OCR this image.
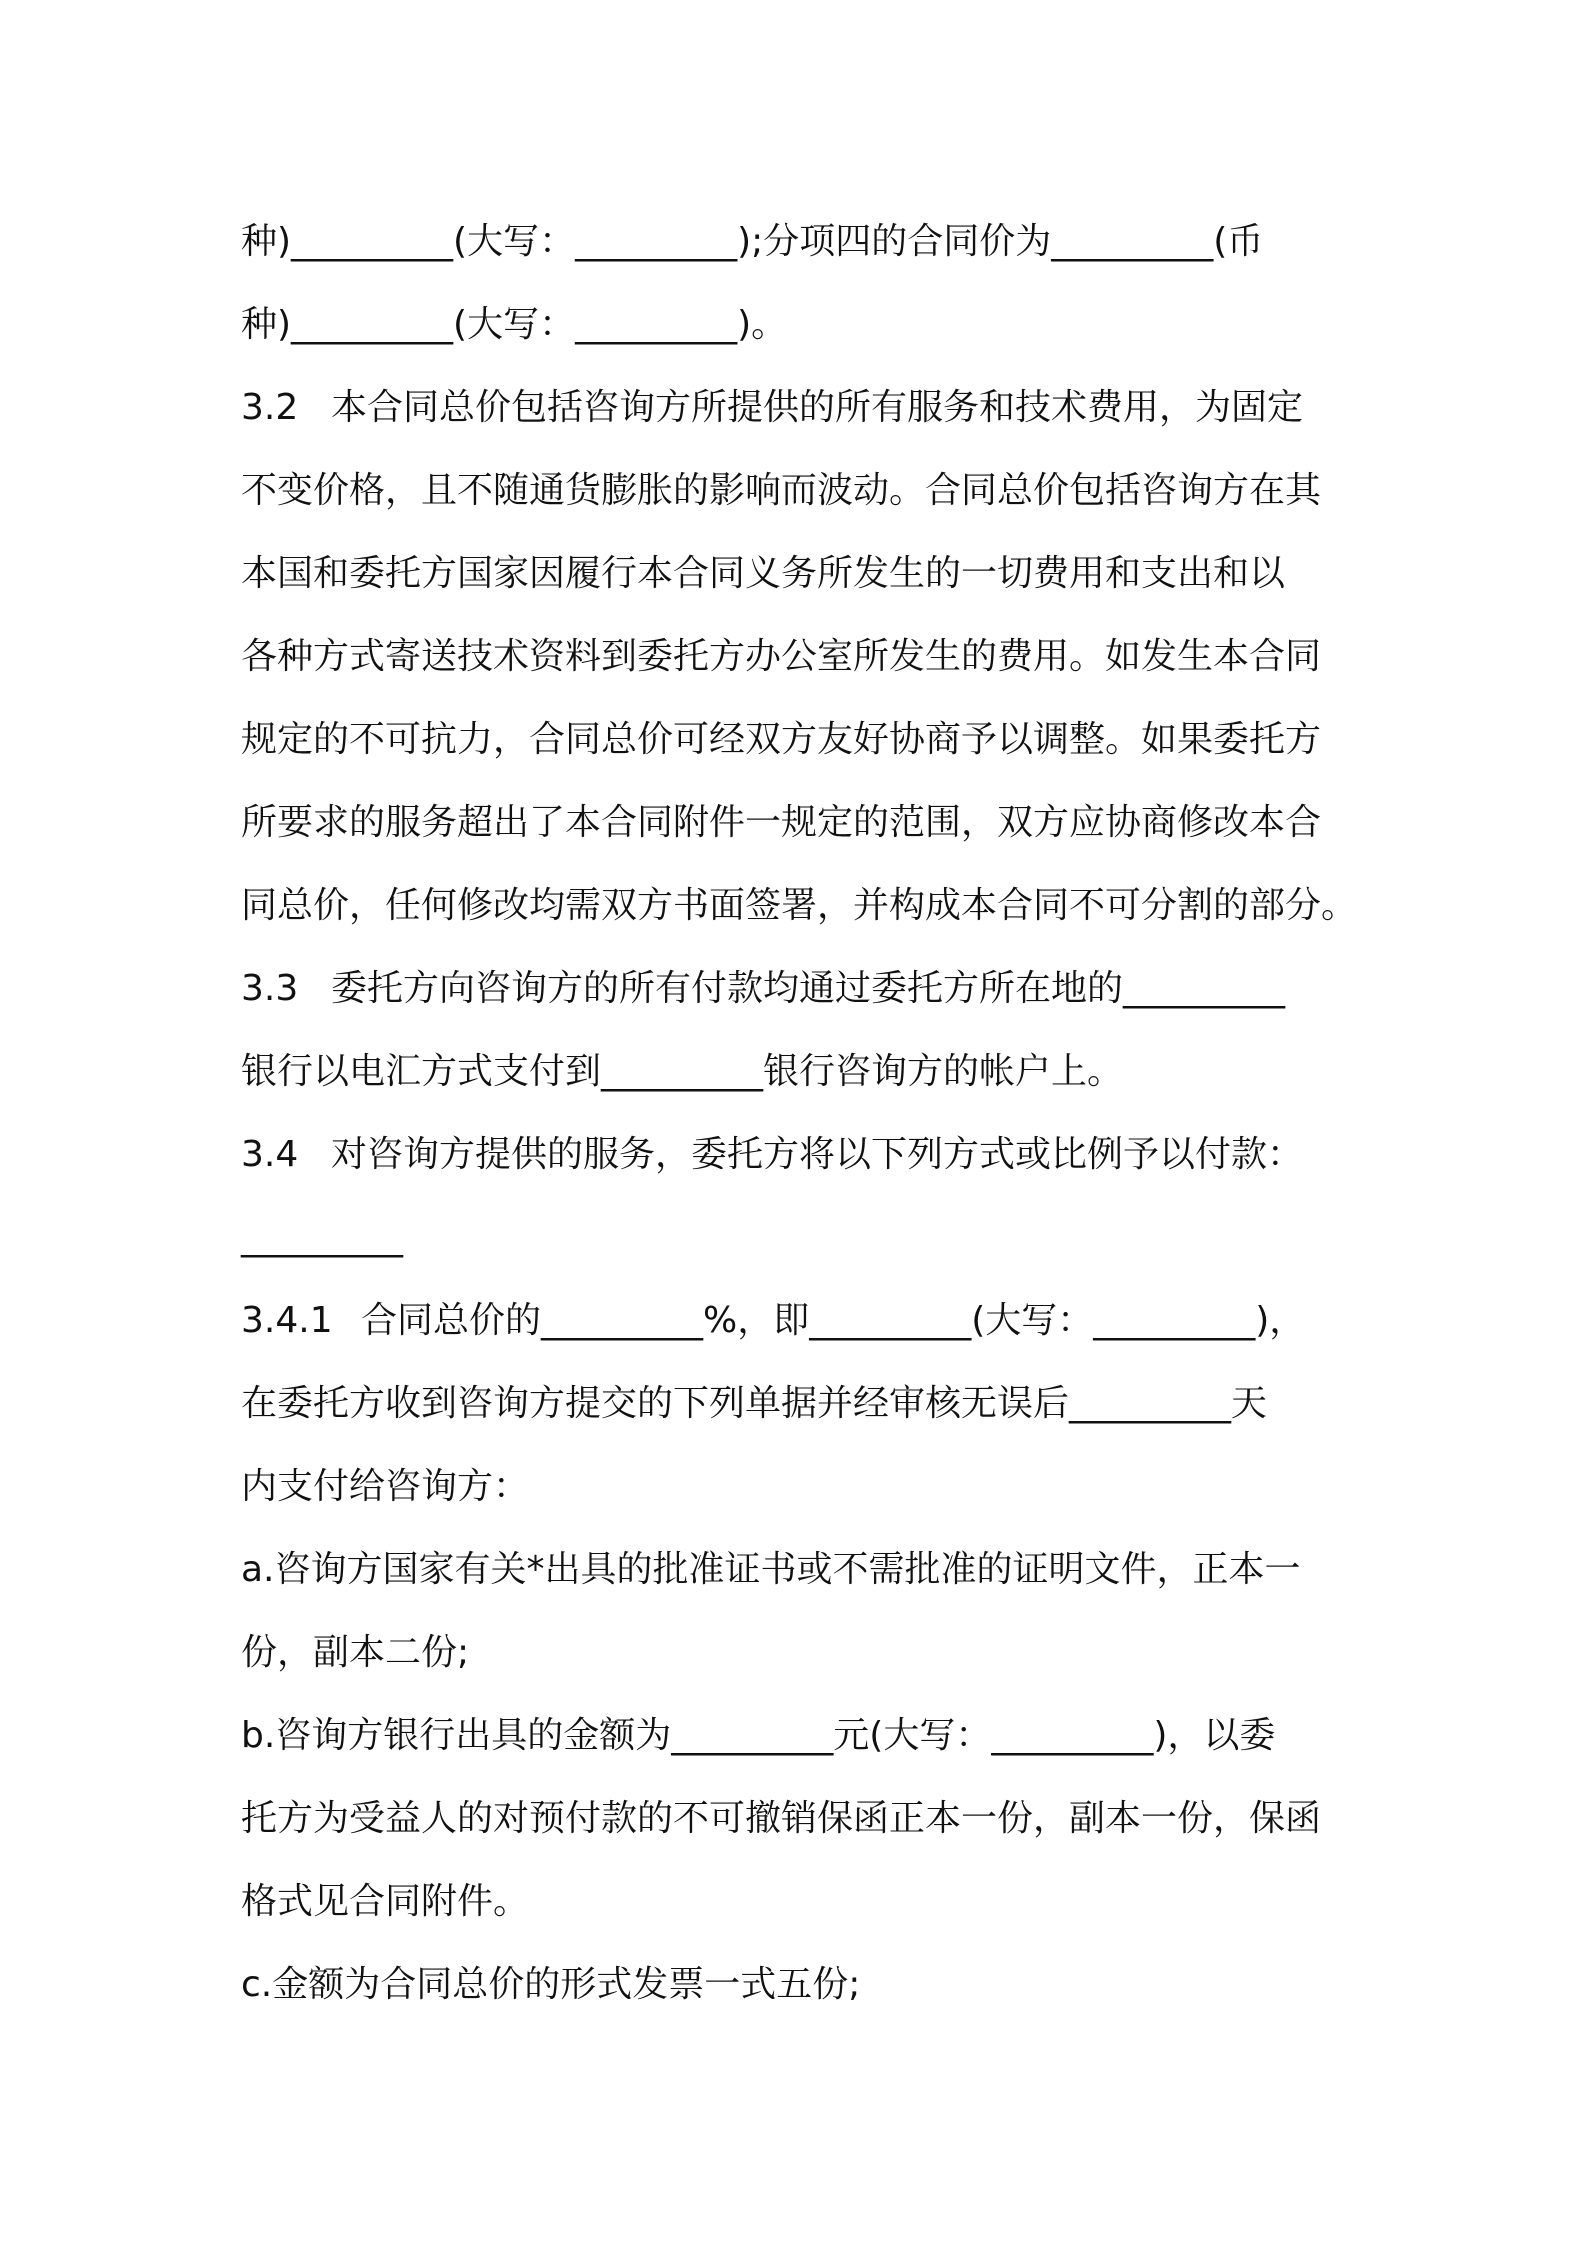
种)_________(大写：_________);分项四的合同价为_________(币
种)_________(大写：_________)。
3.2 本合同总价包括咨询方所提供的所有服务和技术费用，为固定
不变价格，且不随通货膨胀的影响而波动。合同总价包括咨询方在其
本国和委托方国家因履行本合同义务所发生的一切费用和支出和以
各种方式寄送技术资料到委托方办公室所发生的费用。如发生本合同
规定的不可抗力，合同总价可经双方友好协商予以调整。如果委托方
所要求的服务超出了本合同附件一规定的范围，双方应协商修改本合
同总价，任何修改均需双方书面签署，并构成本合同不可分割的部分。
3.3 委托方向咨询方的所有付款均通过委托方所在地的_________
银行以电汇方式支付到_________银行咨询方的帐户上。
3.4 对咨询方提供的服务，委托方将以下列方式或比例予以付款：
_________
3.4.1 合同总价的_________%，即_________(大写：_________)，
在委托方收到咨询方提交的下列单据并经审核无误后_________天
内支付给咨询方：
a.咨询方国家有关*出具的批准证书或不需批准的证明文件，正本一
份，副本二份;
b.咨询方银行出具的金额为_________元(大写：_________)，以委
托方为受益人的对预付款的不可撤销保函正本一份，副本一份，保函
格式见合同附件。
c.金额为合同总价的形式发票一式五份;
